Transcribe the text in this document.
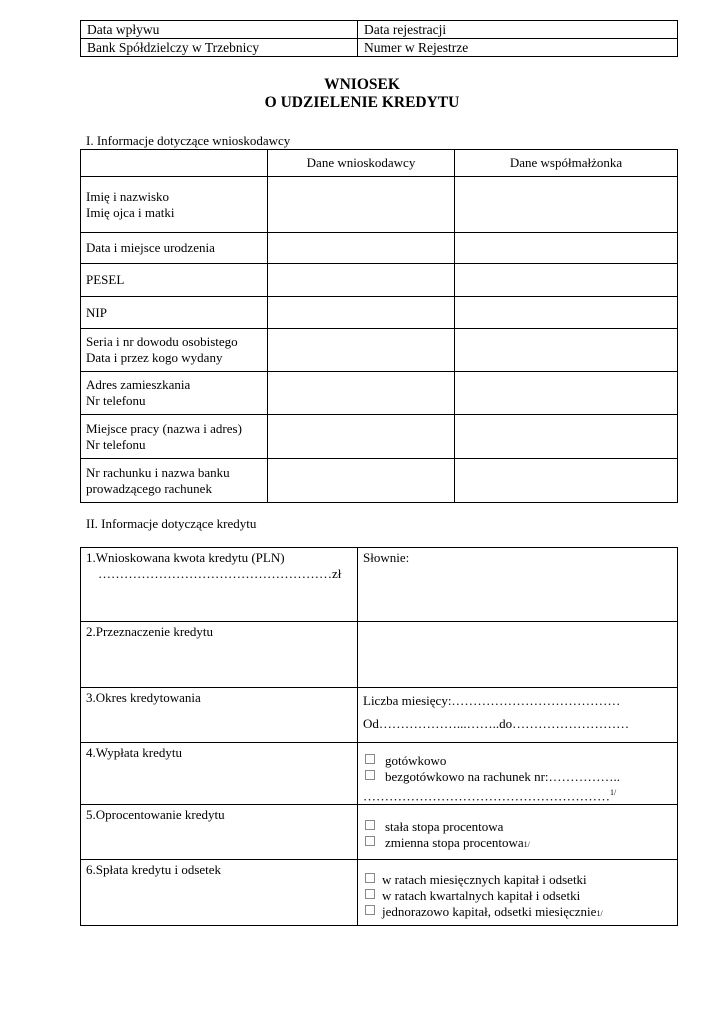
Data wpływu	Data rejestracji
Bank Spółdzielczy w Trzebnicy	Numer w Rejestrze
WNIOSEK
O UDZIELENIE KREDYTU
I. Informacje dotyczące wnioskodawcy
	Dane wnioskodawcy	Dane współmałżonka

Imię i nazwisko
Imię ojca i matki		

Data i miejsce urodzenia		

PESEL		

NIP		

Seria i nr dowodu osobistego
Data i przez kogo wydany		

Adres zamieszkania
Nr telefonu		

Miejsce pracy (nazwa i adres)
Nr telefonu		

Nr rachunku i nazwa banku
prowadzącego rachunek		

II. Informacje dotyczące kredytu
1.Wnioskowana kwota kredytu (PLN)
………………………………………………zł	Słownie:
2.Przeznaczenie kredytu	
3.Okres kredytowania	Liczba miesięcy:…………………………………
Od………………...……..do………………………

4.Wypłata kredytu	gotówkowo
bezgotówkowo na rachunek nr:……………..
…………………………………………………$^{1/}$

5.Oprocentowanie kredytu	stała stopa procentowa
zmienna stopa procentowa 1/

6.Spłata kredytu i odsetek	w ratach miesięcznych kapitał i odsetki
w ratach kwartalnych kapitał i odsetki
jednorazowo kapitał, odsetki miesięcznie 1/
